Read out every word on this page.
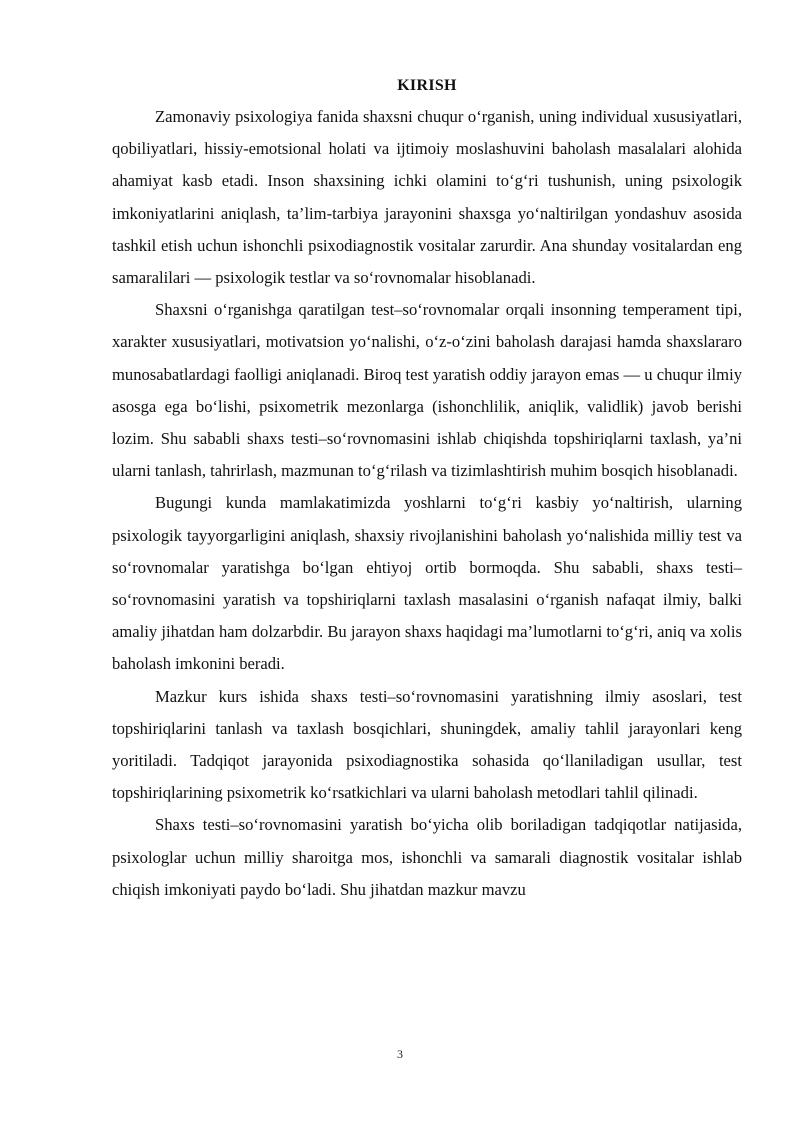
KIRISH

Zamonaviy psixologiya fanida shaxsni chuqur o‘rganish, uning individual xususiyatlari, qobiliyatlari, hissiy-emotsional holati va ijtimoiy moslashuvini baholash masalalari alohida ahamiyat kasb etadi. Inson shaxsining ichki olamini to‘g‘ri tushunish, uning psixologik imkoniyatlarini aniqlash, ta’lim-tarbiya jarayonini shaxsga yo‘naltirilgan yondashuv asosida tashkil etish uchun ishonchli psixodiagnostik vositalar zarurdir. Ana shunday vositalardan eng samaralilari — psixologik testlar va so‘rovnomalar hisoblanadi.

Shaxsni o‘rganishga qaratilgan test–so‘rovnomalar orqali insonning temperament tipi, xarakter xususiyatlari, motivatsion yo‘nalishi, o‘z-o‘zini baholash darajasi hamda shaxslararo munosabatlardagi faolligi aniqlanadi. Biroq test yaratish oddiy jarayon emas — u chuqur ilmiy asosga ega bo‘lishi, psixometrik mezonlarga (ishonchlilik, aniqlik, validlik) javob berishi lozim. Shu sababli shaxs testi–so‘rovnomasini ishlab chiqishda topshiriqlarni taxlash, ya’ni ularni tanlash, tahrirlash, mazmunan to‘g‘rilash va tizimlashtirish muhim bosqich hisoblanadi.

Bugungi kunda mamlakatimizda yoshlarni to‘g‘ri kasbiy yo‘naltirish, ularning psixologik tayyorgarligini aniqlash, shaxsiy rivojlanishini baholash yo‘nalishida milliy test va so‘rovnomalar yaratishga bo‘lgan ehtiyoj ortib bormoqda. Shu sababli, shaxs testi–so‘rovnomasini yaratish va topshiriqlarni taxlash masalasini o‘rganish nafaqat ilmiy, balki amaliy jihatdan ham dolzarbdir. Bu jarayon shaxs haqidagi ma’lumotlarni to‘g‘ri, aniq va xolis baholash imkonini beradi.

Mazkur kurs ishida shaxs testi–so‘rovnomasini yaratishning ilmiy asoslari, test topshiriqlarini tanlash va taxlash bosqichlari, shuningdek, amaliy tahlil jarayonlari keng yoritiladi. Tadqiqot jarayonida psixodiagnostika sohasida qo‘llaniladigan usullar, test topshiriqlarining psixometrik ko‘rsatkichlari va ularni baholash metodlari tahlil qilinadi.

Shaxs testi–so‘rovnomasini yaratish bo‘yicha olib boriladigan tadqiqotlar natijasida, psixologlar uchun milliy sharoitga mos, ishonchli va samarali diagnostik vositalar ishlab chiqish imkoniyati paydo bo‘ladi. Shu jihatdan mazkur mavzu

3
